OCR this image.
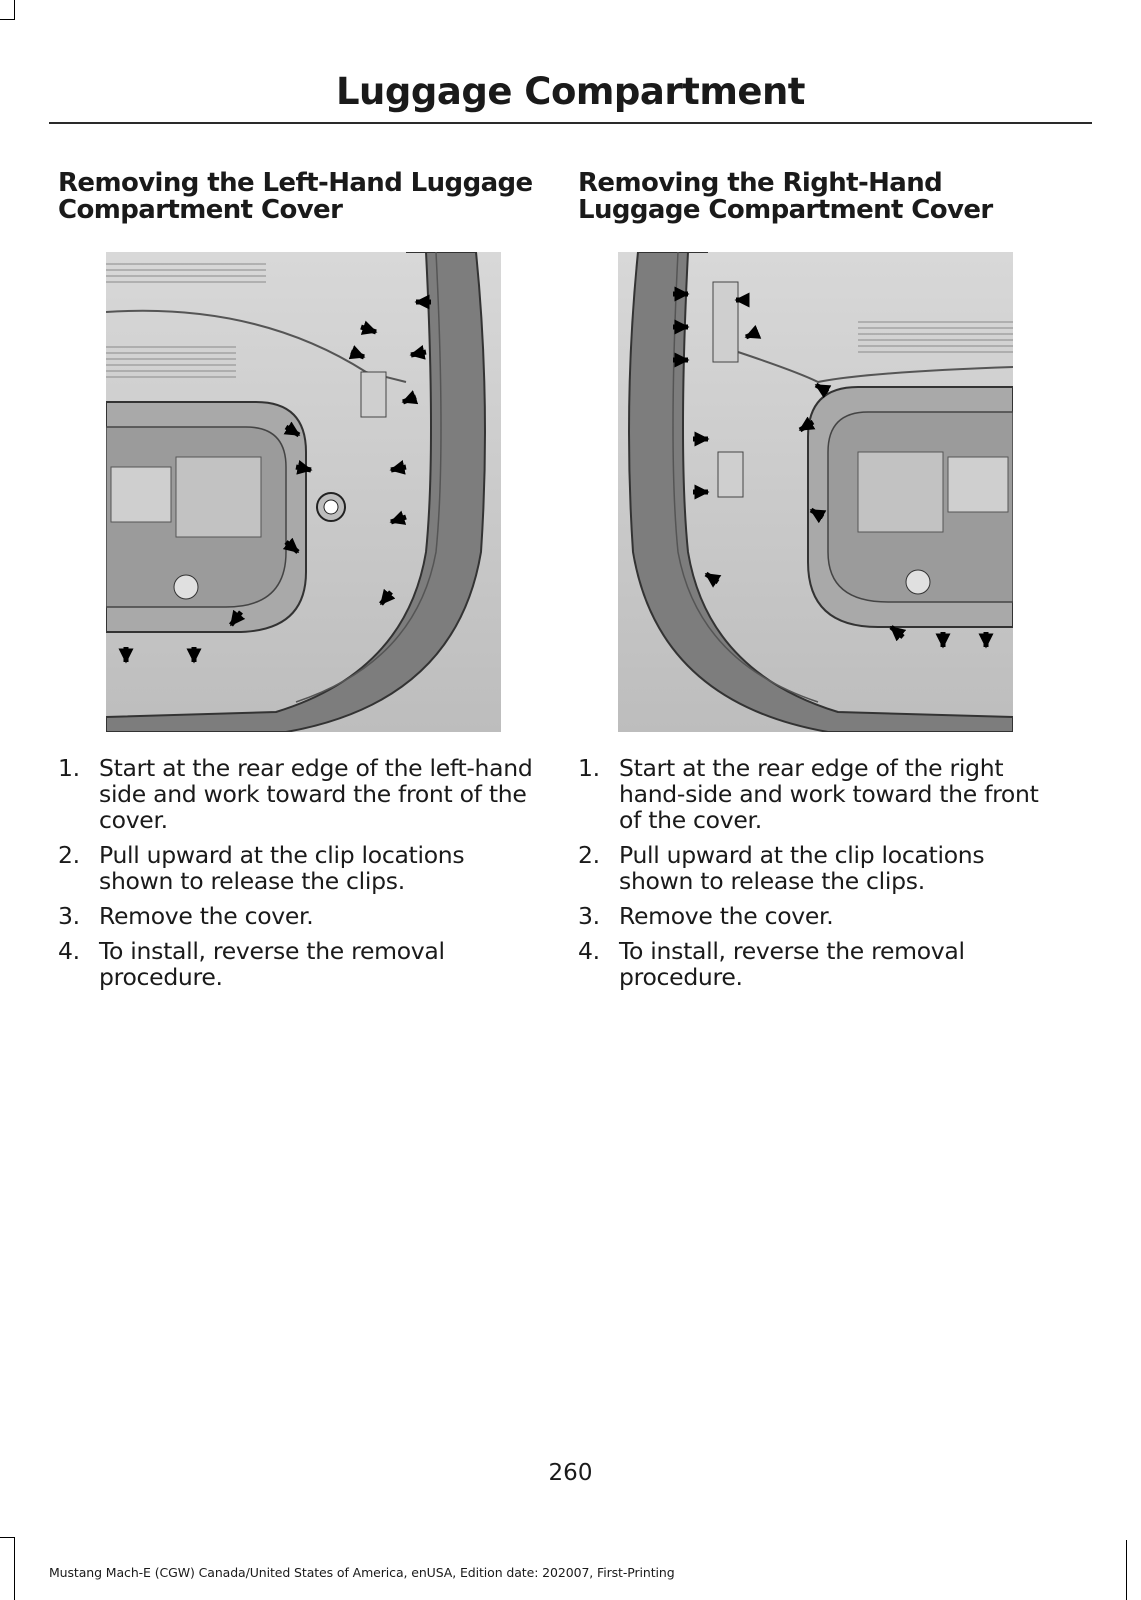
Luggage Compartment
Removing the Left-Hand Luggage Compartment Cover
1. Start at the rear edge of the left-hand side and work toward the front of the cover.
2. Pull upward at the clip locations shown to release the clips.
3. Remove the cover.
4. To install, reverse the removal procedure.
Removing the Right-Hand Luggage Compartment Cover
1. Start at the rear edge of the right hand-side and work toward the front of the cover.
2. Pull upward at the clip locations shown to release the clips.
3. Remove the cover.
4. To install, reverse the removal procedure.
260
Mustang Mach-E (CGW) Canada/United States of America, enUSA, Edition date: 202007, First-Printing
